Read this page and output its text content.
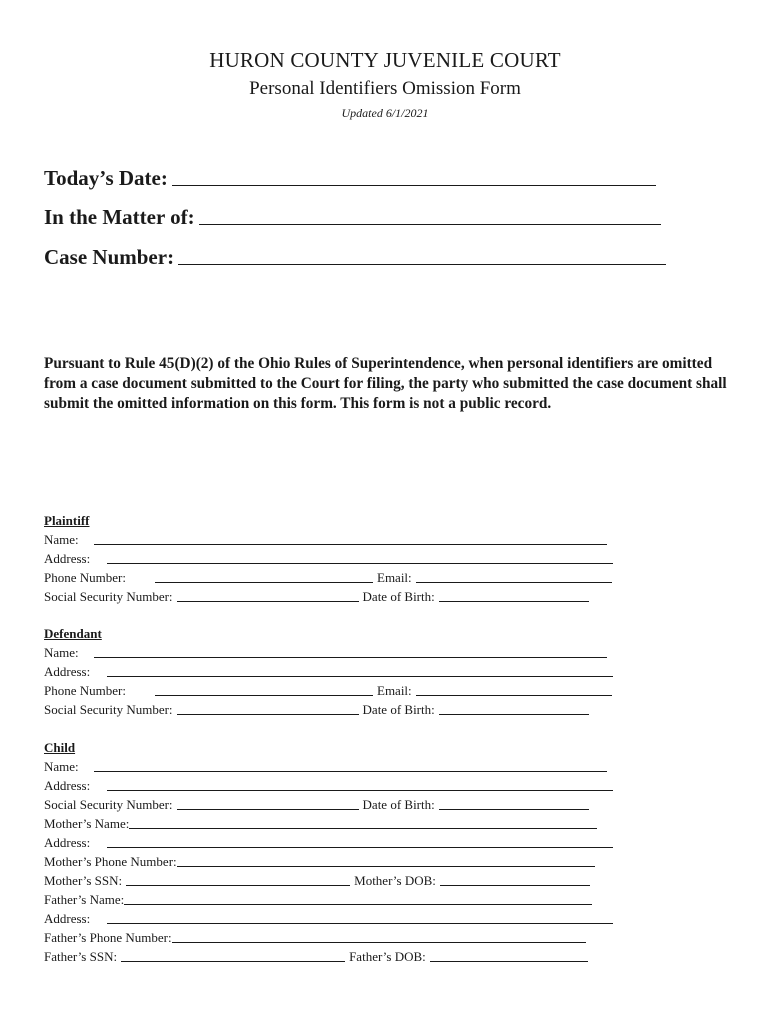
HURON COUNTY JUVENILE COURT
Personal Identifiers Omission Form
Updated 6/1/2021
Today’s Date:
In the Matter of:
Case Number:
Pursuant to Rule 45(D)(2) of the Ohio Rules of Superintendence, when personal identifiers are omitted from a case document submitted to the Court for filing, the party who submitted the case document shall submit the omitted information on this form. This form is not a public record.
Plaintiff
Name:
Address:
Phone Number:	Email:
Social Security Number:	Date of Birth:
Defendant
Name:
Address:
Phone Number:	Email:
Social Security Number:	Date of Birth:
Child
Name:
Address:
Social Security Number:	Date of Birth:
Mother’s Name:
Address:
Mother’s Phone Number:
Mother’s SSN:	Mother’s DOB:
Father’s Name:
Address:
Father’s Phone Number:
Father’s SSN:	Father’s DOB:
